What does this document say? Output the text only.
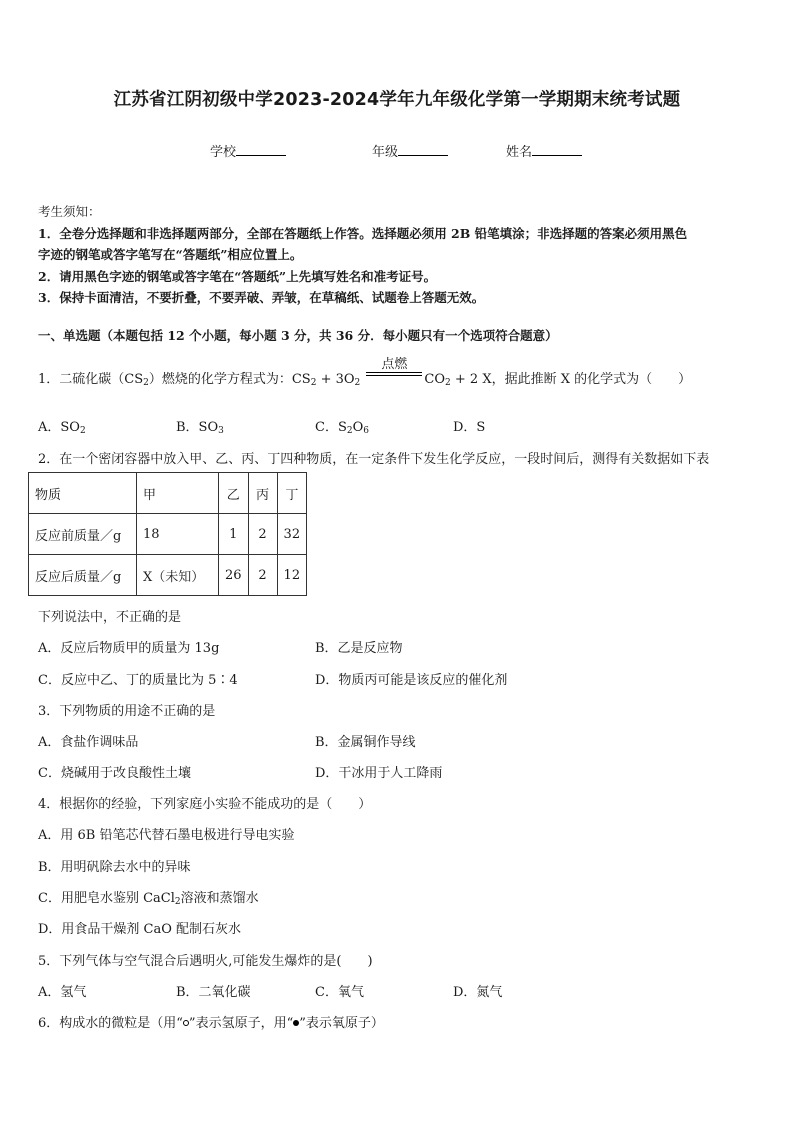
江苏省江阴初级中学2023-2024学年九年级化学第一学期期末统考试题
学校	年级	姓名
考生须知：
1．全卷分选择题和非选择题两部分，全部在答题纸上作答。选择题必须用 2B 铅笔填涂；非选择题的答案必须用黑色
字迹的钢笔或答字笔写在“答题纸”相应位置上。
2．请用黑色字迹的钢笔或答字笔在“答题纸”上先填写姓名和准考证号。
3．保持卡面清洁，不要折叠，不要弄破、弄皱，在草稿纸、试题卷上答题无效。
一、单选题（本题包括 12 个小题，每小题 3 分，共 36 分．每小题只有一个选项符合题意）
1．二硫化碳$(CS_2)$燃烧的化学方程式为：$CS_2 + 3O_2$
点燃
$CO_2 + 2$ X，据此推断 X 的化学式为（　　）
A．$SO_2$	B．$SO_3$	C．$S_2O_6$	D．S
2．在一个密闭容器中放入甲、乙、丙、丁四种物质，在一定条件下发生化学反应，一段时间后，测得有关数据如下表
物质	甲	乙	丙	丁
反应前质量／g	18	1	2	32
反应后质量／g	X（未知）	26	2	12
下列说法中，不正确的是
A．反应后物质甲的质量为 13g	B．乙是反应物
C．反应中乙、丁的质量比为 5∶4	D．物质丙可能是该反应的催化剂
3．下列物质的用途不正确的是
A．食盐作调味品	B．金属铜作导线
C．烧碱用于改良酸性土壤	D．干冰用于人工降雨
4．根据你的经验，下列家庭小实验不能成功的是（　　）
A．用 6B 铅笔芯代替石墨电极进行导电实验
B．用明矾除去水中的异味
C．用肥皂水鉴别 CaCl$_2$溶液和蒸馏水
D．用食品干燥剂 CaO 配制石灰水
5．下列气体与空气混合后遇明火,可能发生爆炸的是(　　)
A．氢气	B．二氧化碳	C．氧气	D．氮气
6．构成水的微粒是（用“ ”表示氢原子，用“ ”表示氧原子）
